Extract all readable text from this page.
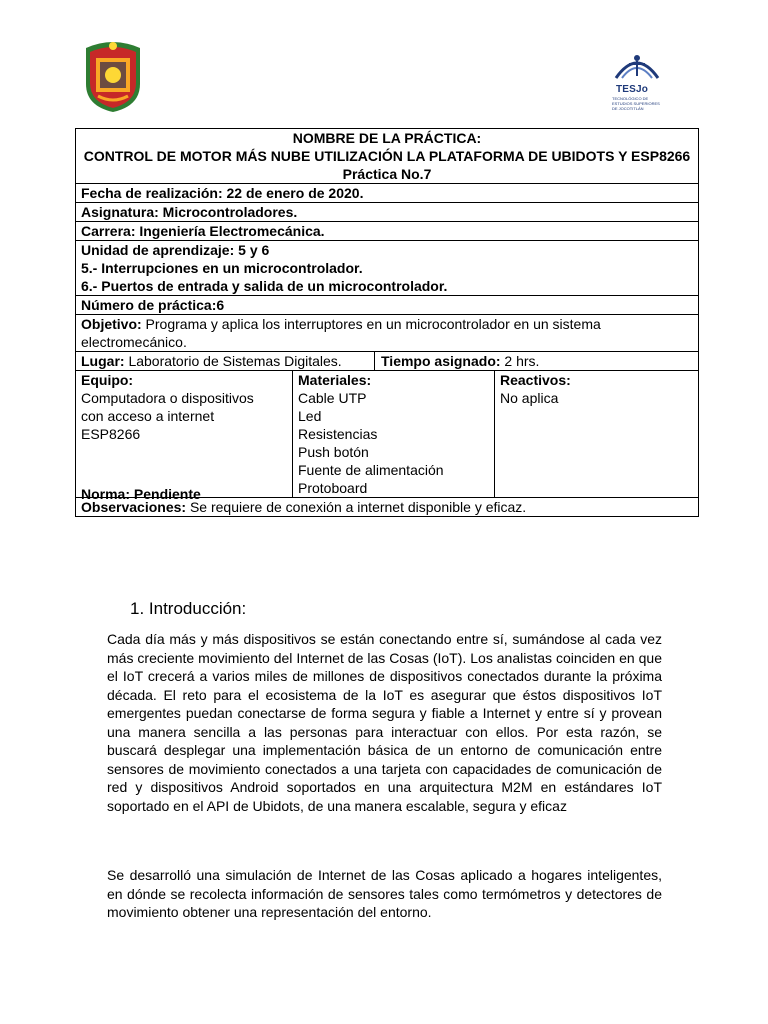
TESJo
TECNOLÓGICO DE ESTUDIOS SUPERIORES DE JOCOTITLÁN
NOMBRE DE LA PRÁCTICA:
CONTROL DE MOTOR MÁS NUBE UTILIZACIÓN LA PLATAFORMA DE UBIDOTS Y ESP8266
Práctica No.7

Fecha de realización: 22 de enero de 2020.
Asignatura: Microcontroladores.
Carrera: Ingeniería Electromecánica.

Unidad de aprendizaje: 5 y 6
5.- Interrupciones en un microcontrolador.
6.- Puertos de entrada y salida de un microcontrolador.

Número de práctica:6
Objetivo: Programa y aplica los interruptores en un microcontrolador en un sistema electromecánico.

Lugar: Laboratorio de Sistemas Digitales.	Tiempo asignado: 2 hrs.

Equipo:
Computadora o dispositivos
con acceso a internet
ESP8266
Norma: Pendiente

Materiales:
Cable UTP
Led
Resistencias
Push botón
Fuente de alimentación
Protoboard

Reactivos:
No aplica

Observaciones: Se requiere de conexión a internet disponible y eficaz.
1. Introducción:

Cada día más y más dispositivos se están conectando entre sí, sumándose al cada vez más creciente movimiento del Internet de las Cosas (IoT). Los analistas coinciden en que el IoT crecerá a varios miles de millones de dispositivos conectados durante la próxima década. El reto para el ecosistema de la IoT es asegurar que éstos dispositivos IoT emergentes puedan conectarse de forma segura y fiable a Internet y entre sí y provean una manera sencilla a las personas para interactuar con ellos. Por esta razón, se buscará desplegar una implementación básica de un entorno de comunicación entre sensores de movimiento conectados a una tarjeta con capacidades de comunicación de red y dispositivos Android soportados en una arquitectura M2M en estándares IoT soportado en el API de Ubidots, de una manera escalable, segura y eficaz

Se desarrolló una simulación de Internet de las Cosas aplicado a hogares inteligentes, en dónde se recolecta información de sensores tales como termómetros y detectores de movimiento obtener una representación del entorno.
